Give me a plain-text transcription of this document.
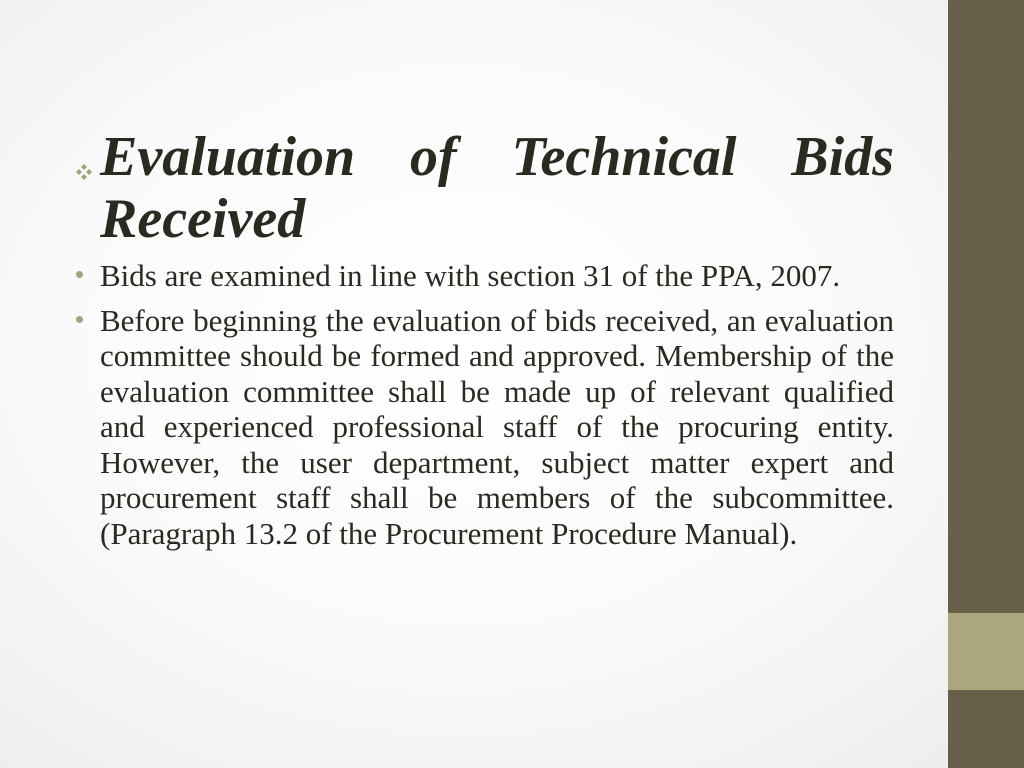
Evaluation of Technical Bids Received
Bids are examined in line with section 31 of the PPA, 2007.
Before beginning the evaluation of bids received, an evaluation committee should be formed and approved. Membership of the evaluation committee shall be made up of relevant qualified and experienced professional staff of the procuring entity. However, the user department, subject matter expert and procurement staff shall be members of the subcommittee. (Paragraph 13.2 of the Procurement Procedure Manual).
